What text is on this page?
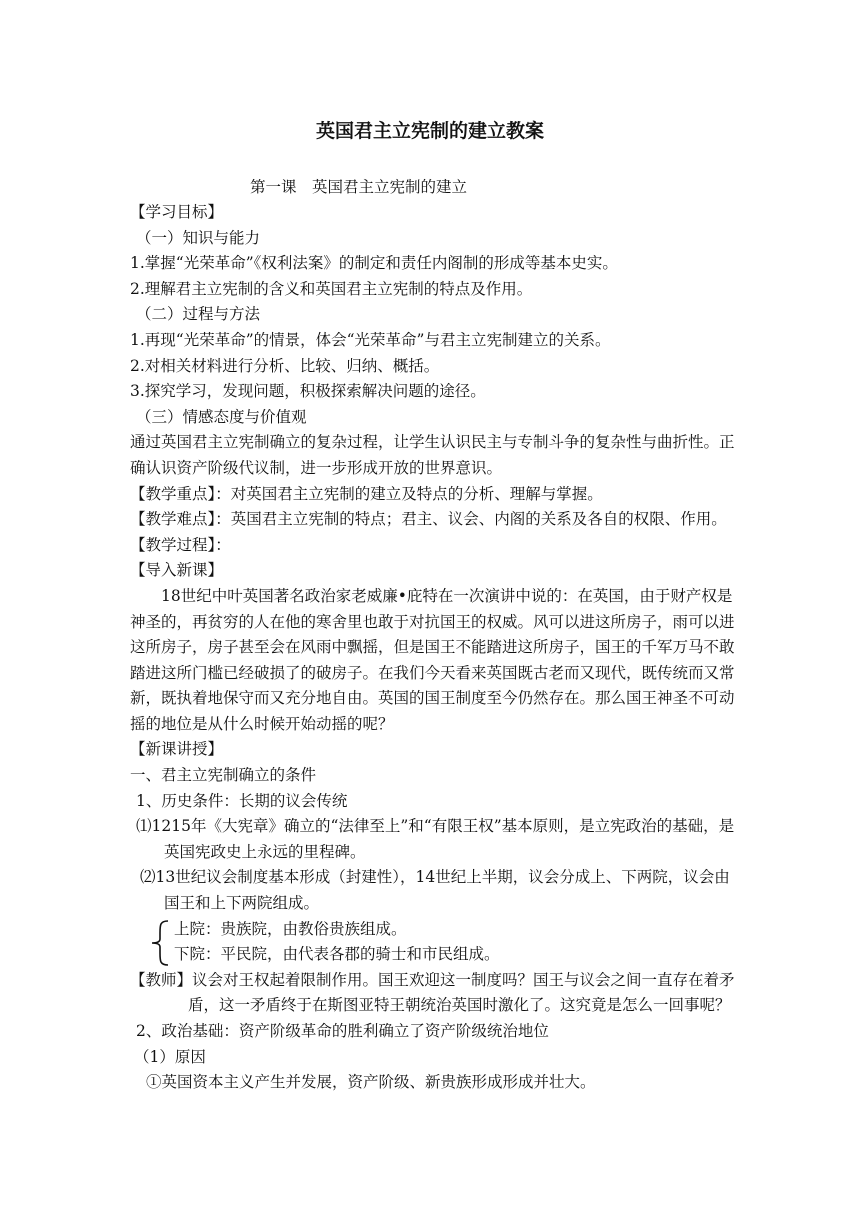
英国君主立宪制的建立教案
第一课　英国君主立宪制的建立
【学习目标】
（一）知识与能力
1.掌握“光荣革命”《权利法案》的制定和责任内阁制的形成等基本史实。
2.理解君主立宪制的含义和英国君主立宪制的特点及作用。
（二）过程与方法
1.再现“光荣革命”的情景，体会“光荣革命”与君主立宪制建立的关系。
2.对相关材料进行分析、比较、归纳、概括。
3.探究学习，发现问题，积极探索解决问题的途径。
（三）情感态度与价值观
通过英国君主立宪制确立的复杂过程，让学生认识民主与专制斗争的复杂性与曲折性。正确认识资产阶级代议制，进一步形成开放的世界意识。
【教学重点】：对英国君主立宪制的建立及特点的分析、理解与掌握。
【教学难点】：英国君主立宪制的特点；君主、议会、内阁的关系及各自的权限、作用。
【教学过程】：
【导入新课】
18世纪中叶英国著名政治家老威廉•庇特在一次演讲中说的：在英国，由于财产权是神圣的，再贫穷的人在他的寒舍里也敢于对抗国王的权威。风可以进这所房子，雨可以进这所房子，房子甚至会在风雨中飘摇，但是国王不能踏进这所房子，国王的千军万马不敢踏进这所门槛已经破损了的破房子。在我们今天看来英国既古老而又现代，既传统而又常新，既执着地保守而又充分地自由。英国的国王制度至今仍然存在。那么国王神圣不可动摇的地位是从什么时候开始动摇的呢？
【新课讲授】
一、君主立宪制确立的条件
1、历史条件：长期的议会传统
⑴1215年《大宪章》确立的“法律至上”和“有限王权”基本原则，是立宪政治的基础，是英国宪政史上永远的里程碑。
⑵13世纪议会制度基本形成（封建性），14世纪上半期，议会分成上、下两院，议会由国王和上下两院组成。
上院：贵族院，由教俗贵族组成。
下院：平民院，由代表各郡的骑士和市民组成。
【教师】议会对王权起着限制作用。国王欢迎这一制度吗？国王与议会之间一直存在着矛盾，这一矛盾终于在斯图亚特王朝统治英国时激化了。这究竟是怎么一回事呢？
2、政治基础：资产阶级革命的胜利确立了资产阶级统治地位
（1）原因
①英国资本主义产生并发展，资产阶级、新贵族形成形成并壮大。
